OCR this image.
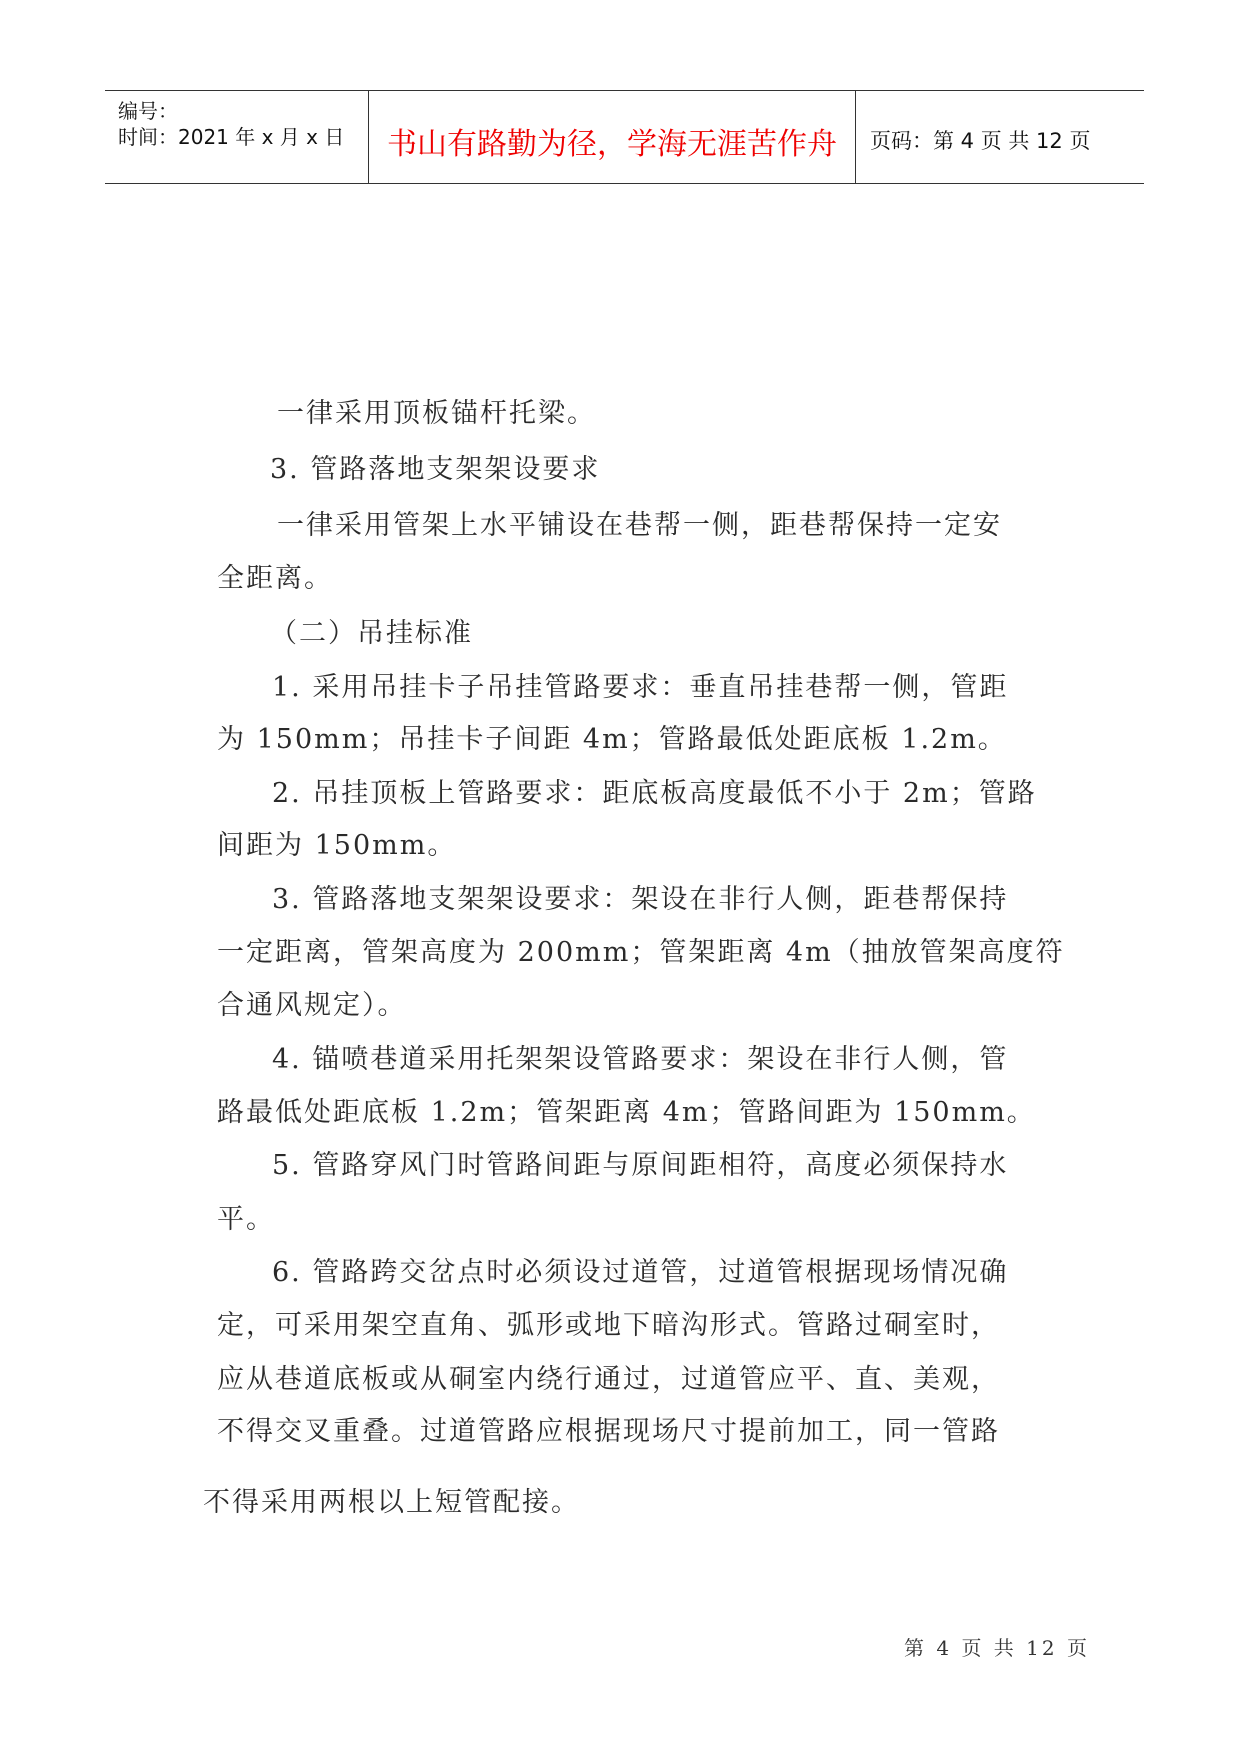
编号：
时间：2021 年 x 月 x 日	书山有路勤为径，学海无涯苦作舟	页码：第 4 页 共 12 页
一律采用顶板锚杆托梁。
3. 管路落地支架架设要求
一律采用管架上水平铺设在巷帮一侧，距巷帮保持一定安
全距离。
（二）吊挂标准
1. 采用吊挂卡子吊挂管路要求：垂直吊挂巷帮一侧，管距
为 150mm；吊挂卡子间距 4m；管路最低处距底板 1.2m。
2. 吊挂顶板上管路要求：距底板高度最低不小于 2m；管路
间距为 150mm。
3. 管路落地支架架设要求：架设在非行人侧，距巷帮保持
一定距离，管架高度为 200mm；管架距离 4m（抽放管架高度符
合通风规定）。
4. 锚喷巷道采用托架架设管路要求：架设在非行人侧，管
路最低处距底板 1.2m；管架距离 4m；管路间距为 150mm。
5. 管路穿风门时管路间距与原间距相符，高度必须保持水
平。
6. 管路跨交岔点时必须设过道管，过道管根据现场情况确
定，可采用架空直角、弧形或地下暗沟形式。管路过硐室时，
应从巷道底板或从硐室内绕行通过，过道管应平、直、美观，
不得交叉重叠。过道管路应根据现场尺寸提前加工，同一管路
不得采用两根以上短管配接。
第 4 页 共 12 页
